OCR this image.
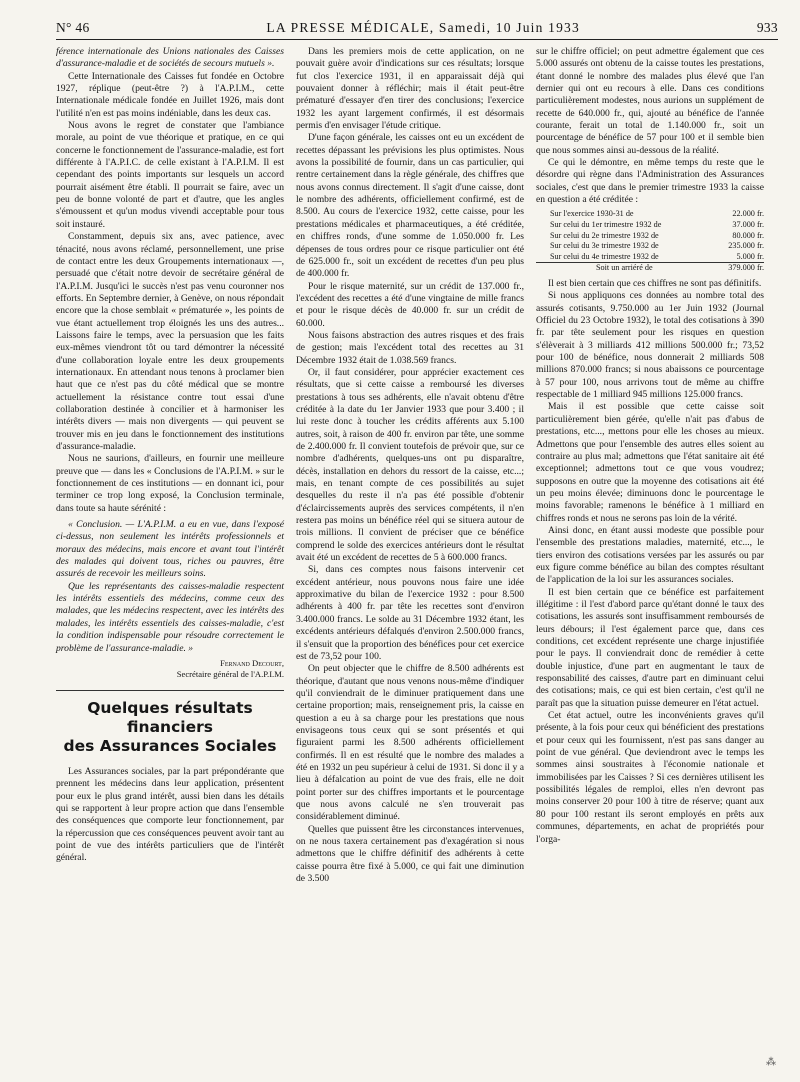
N° 46	LA PRESSE MÉDICALE, Samedi, 10 Juin 1933	933

férence internationale des Unions nationales des Caisses d'assurance-maladie et de sociétés de secours mutuels ».

Cette Internationale des Caisses fut fondée en Octobre 1927, réplique (peut-être ?) à l'A.P.I.M., cette Internationale médicale fondée en Juillet 1926, mais dont l'utilité n'en est pas moins indéniable, dans les deux cas.

Nous avons le regret de constater que l'ambiance morale, au point de vue théorique et pratique, en ce qui concerne le fonctionnement de l'assurance-maladie, est fort différente à l'A.P.I.C. de celle existant à l'A.P.I.M. Il est cependant des points importants sur lesquels un accord pourrait aisément être établi. Il pourrait se faire, avec un peu de bonne volonté de part et d'autre, que les angles s'émoussent et qu'un modus vivendi acceptable pour tous soit instauré.

Constamment, depuis six ans, avec patience, avec ténacité, nous avons réclamé, personnellement, une prise de contact entre les deux Groupements internationaux —, persuadé que c'était notre devoir de secrétaire général de l'A.P.I.M. Jusqu'ici le succès n'est pas venu couronner nos efforts. En Septembre dernier, à Genève, on nous répondait encore que la chose semblait « prématurée », les points de vue étant actuellement trop éloignés les uns des autres... Laissons faire le temps, avec la persuasion que les faits eux-mêmes viendront tôt ou tard démontrer la nécessité d'une collaboration loyale entre les deux groupements internationaux. En attendant nous tenons à proclamer bien haut que ce n'est pas du côté médical que se montre actuellement la résistance contre tout essai d'une collaboration destinée à concilier et à harmoniser les intérêts divers — mais non divergents — qui peuvent se trouver mis en jeu dans le fonctionnement des institutions d'assurance-maladie.

Nous ne saurions, d'ailleurs, en fournir une meilleure preuve que — dans les « Conclusions de l'A.P.I.M. » sur le fonctionnement de ces institutions — en donnant ici, pour terminer ce trop long exposé, la Conclusion terminale, dans toute sa haute sérénité :

« Conclusion. — L'A.P.I.M. a eu en vue, dans l'exposé ci-dessus, non seulement les intérêts professionnels et moraux des médecins, mais encore et avant tout l'intérêt des malades qui doivent tous, riches ou pauvres, être assurés de recevoir les meilleurs soins.

Que les représentants des caisses-maladie respectent les intérêts essentiels des médecins, comme ceux des malades, que les médecins respectent, avec les intérêts des malades, les intérêts essentiels des caisses-maladie, c'est la condition indispensable pour résoudre correctement le problème de l'assurance-maladie. »

Fernand Decourt,
Secrétaire général de l'A.P.I.M.
Quelques résultats financiers
des Assurances Sociales

Les Assurances sociales, par la part prépondérante que prennent les médecins dans leur application, présentent pour eux le plus grand intérêt, aussi bien dans les détails qui se rapportent à leur propre action que dans l'ensemble des conséquences que comporte leur fonctionnement, par la répercussion que ces conséquences peuvent avoir tant au point de vue des intérêts particuliers que de l'intérêt général.

Dans les premiers mois de cette application, on ne pouvait guère avoir d'indications sur ces résultats; lorsque fut clos l'exercice 1931, il en apparaissait déjà qui pouvaient donner à réfléchir; mais il était peut-être prématuré d'essayer d'en tirer des conclusions; l'exercice 1932 les ayant largement confirmés, il est désormais permis d'en envisager l'étude critique.

D'une façon générale, les caisses ont eu un excédent de recettes dépassant les prévisions les plus optimistes. Nous avons la possibilité de fournir, dans un cas particulier, qui rentre certainement dans la règle générale, des chiffres que nous avons connus directement. Il s'agit d'une caisse, dont le nombre des adhérents, officiellement confirmé, est de 8.500. Au cours de l'exercice 1932, cette caisse, pour les prestations médicales et pharmaceutiques, a été créditée, en chiffres ronds, d'une somme de 1.050.000 fr. Les dépenses de tous ordres pour ce risque particulier ont été de 625.000 fr., soit un excédent de recettes d'un peu plus de 400.000 fr.

Pour le risque maternité, sur un crédit de 137.000 fr., l'excédent des recettes a été d'une vingtaine de mille francs et pour le risque décès de 40.000 fr. sur un crédit de 60.000.

Nous faisons abstraction des autres risques et des frais de gestion; mais l'excédent total des recettes au 31 Décembre 1932 était de 1.038.569 francs.

Or, il faut considérer, pour apprécier exactement ces résultats, que si cette caisse a remboursé les diverses prestations à tous ses adhérents, elle n'avait obtenu d'être créditée à la date du 1er Janvier 1933 que pour 3.400 ; il lui reste donc à toucher les crédits afférents aux 5.100 autres, soit, à raison de 400 fr. environ par tête, une somme de 2.400.000 fr. Il convient toutefois de prévoir que, sur ce nombre d'adhérents, quelques-uns ont pu disparaître, décès, installation en dehors du ressort de la caisse, etc...; mais, en tenant compte de ces possibilités au sujet desquelles du reste il n'a pas été possible d'obtenir d'éclaircissements auprès des services compétents, il n'en restera pas moins un bénéfice réel qui se situera autour de trois millions. Il convient de préciser que ce bénéfice comprend le solde des exercices antérieurs dont le résultat avait été un excédent de recettes de 5 à 600.000 francs.

Si, dans ces comptes nous faisons intervenir cet excédent antérieur, nous pouvons nous faire une idée approximative du bilan de l'exercice 1932 : pour 8.500 adhérents à 400 fr. par tête les recettes sont d'environ 3.400.000 francs. Le solde au 31 Décembre 1932 étant, les excédents antérieurs défalqués d'environ 2.500.000 francs, il s'ensuit que la proportion des bénéfices pour cet exercice est de 73,52 pour 100.

On peut objecter que le chiffre de 8.500 adhérents est théorique, d'autant que nous venons nous-même d'indiquer qu'il conviendrait de le diminuer pratiquement dans une certaine proportion; mais, renseignement pris, la caisse en question a eu à sa charge pour les prestations que nous envisageons tous ceux qui se sont présentés et qui figuraient parmi les 8.500 adhérents officiellement confirmés. Il en est résulté que le nombre des malades a été en 1932 un peu supérieur à celui de 1931. Si donc il y a lieu à défalcation au point de vue des frais, elle ne doit point porter sur des chiffres importants et le pourcentage que nous avons calculé ne s'en trouverait pas considérablement diminué.

Quelles que puissent être les circonstances intervenues, on ne nous taxera certainement pas d'exagération si nous admettons que le chiffre définitif des adhérents à cette caisse pourra être fixé à 5.000, ce qui fait une diminution de 3.500

sur le chiffre officiel; on peut admettre également que ces 5.000 assurés ont obtenu de la caisse toutes les prestations, étant donné le nombre des malades plus élevé que l'an dernier qui ont eu recours à elle. Dans ces conditions particulièrement modestes, nous aurions un supplément de recette de 640.000 fr., qui, ajouté au bénéfice de l'année courante, ferait un total de 1.140.000 fr., soit un pourcentage de bénéfice de 57 pour 100 et il semble bien que nous sommes ainsi au-dessous de la réalité.

Ce qui le démontre, en même temps du reste que le désordre qui règne dans l'Administration des Assurances sociales, c'est que dans le premier trimestre 1933 la caisse en question a été créditée :

Sur l'exercice 1930-31 de	22.000 fr.
Sur celui du 1er trimestre 1932 de	37.000 fr.
Sur celui du 2e trimestre 1932 de	80.000 fr.
Sur celui du 3e trimestre 1932 de	235.000 fr.
Sur celui du 4e trimestre 1932 de	5.000 fr.
Soit un arriéré de	379.000 fr.

Il est bien certain que ces chiffres ne sont pas définitifs.

Si nous appliquons ces données au nombre total des assurés cotisants, 9.750.000 au 1er Juin 1932 (Journal Officiel du 23 Octobre 1932), le total des cotisations à 390 fr. par tête seulement pour les risques en question s'élèverait à 3 milliards 412 millions 500.000 fr.; 73,52 pour 100 de bénéfice, nous donnerait 2 milliards 508 millions 870.000 francs; si nous abaissons ce pourcentage à 57 pour 100, nous arrivons tout de même au chiffre respectable de 1 milliard 945 millions 125.000 francs.

Mais il est possible que cette caisse soit particulièrement bien gérée, qu'elle n'ait pas d'abus de prestations, etc..., mettons pour elle les choses au mieux. Admettons que pour l'ensemble des autres elles soient au contraire au plus mal; admettons que l'état sanitaire ait été exceptionnel; admettons tout ce que vous voudrez; supposons en outre que la moyenne des cotisations ait été un peu moins élevée; diminuons donc le pourcentage le moins favorable; ramenons le bénéfice à 1 milliard en chiffres ronds et nous ne serons pas loin de la vérité.

Ainsi donc, en étant aussi modeste que possible pour l'ensemble des prestations maladies, maternité, etc..., le tiers environ des cotisations versées par les assurés ou par eux figure comme bénéfice au bilan des comptes résultant de l'application de la loi sur les assurances sociales.

Il est bien certain que ce bénéfice est parfaitement illégitime : il l'est d'abord parce qu'étant donné le taux des cotisations, les assurés sont insuffisamment remboursés de leurs débours; il l'est également parce que, dans ces conditions, cet excédent représente une charge injustifiée pour le pays. Il conviendrait donc de remédier à cette double injustice, d'une part en augmentant le taux de responsabilité des caisses, d'autre part en diminuant celui des cotisations; mais, ce qui est bien certain, c'est qu'il ne paraît pas que la situation puisse demeurer en l'état actuel.

Cet état actuel, outre les inconvénients graves qu'il présente, à la fois pour ceux qui bénéficient des prestations et pour ceux qui les fournissent, n'est pas sans danger au point de vue général. Que deviendront avec le temps les sommes ainsi soustraites à l'économie nationale et immobilisées par les Caisses ? Si ces dernières utilisent les possibilités légales de remploi, elles n'en devront pas moins conserver 20 pour 100 à titre de réserve; quant aux 80 pour 100 restant ils seront employés en prêts aux communes, départements, en achat de propriétés pour l'orga-

⁂
